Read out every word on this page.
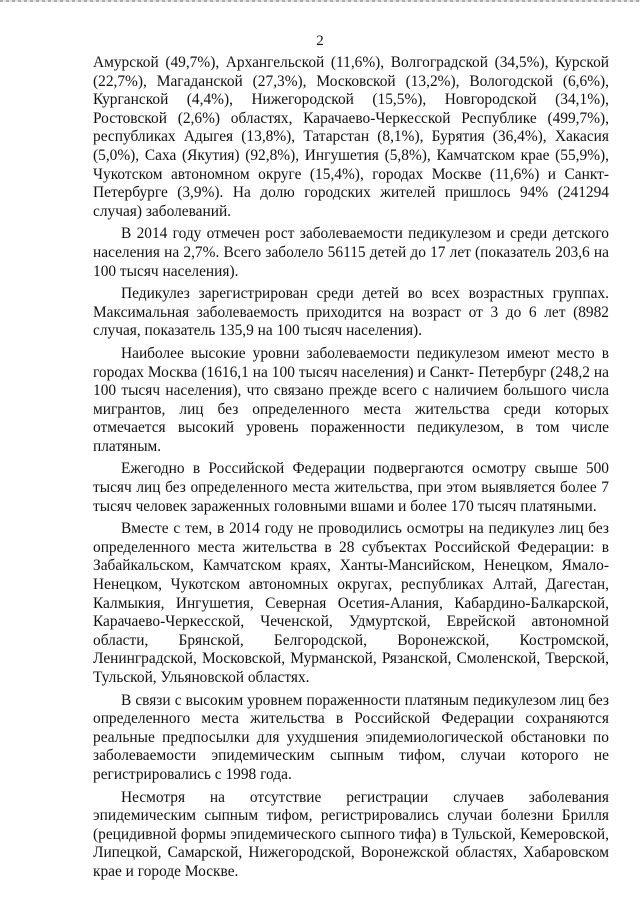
2

Амурской (49,7%), Архангельской (11,6%), Волгоградской (34,5%), Курской (22,7%), Магаданской (27,3%), Московской (13,2%), Вологодской (6,6%), Курганской (4,4%), Нижегородской (15,5%), Новгородской (34,1%), Ростовской (2,6%) областях, Карачаево-Черкесской Республике (499,7%), республиках Адыгея (13,8%), Татарстан (8,1%), Бурятия (36,4%), Хакасия (5,0%), Саха (Якутия) (92,8%), Ингушетия (5,8%), Камчатском крае (55,9%), Чукотском автономном округе (15,4%), городах Москве (11,6%) и Санкт-Петербурге (3,9%). На долю городских жителей пришлось 94% (241294 случая) заболеваний.

В 2014 году отмечен рост заболеваемости педикулезом и среди детского населения на 2,7%. Всего заболело 56115 детей до 17 лет (показатель 203,6 на 100 тысяч населения).

Педикулез зарегистрирован среди детей во всех возрастных группах. Максимальная заболеваемость приходится на возраст от 3 до 6 лет (8982 случая, показатель 135,9 на 100 тысяч населения).

Наиболее высокие уровни заболеваемости педикулезом имеют место в городах Москва (1616,1 на 100 тысяч населения) и Санкт- Петербург (248,2 на 100 тысяч населения), что связано прежде всего с наличием большого числа мигрантов, лиц без определенного места жительства среди которых отмечается высокий уровень пораженности педикулезом, в том числе платяным.

Ежегодно в Российской Федерации подвергаются осмотру свыше 500 тысяч лиц без определенного места жительства, при этом выявляется более 7 тысяч человек зараженных головными вшами и более 170 тысяч платяными.

Вместе с тем, в 2014 году не проводились осмотры на педикулез лиц без определенного места жительства в 28 субъектах Российской Федерации: в Забайкальском, Камчатском краях, Ханты-Мансийском, Ненецком, Ямало-Ненецком, Чукотском автономных округах, республиках Алтай, Дагестан, Калмыкия, Ингушетия, Северная Осетия-Алания, Кабардино-Балкарской, Карачаево-Черкесской, Чеченской, Удмуртской, Еврейской автономной области, Брянской, Белгородской, Воронежской, Костромской, Ленинградской, Московской, Мурманской, Рязанской, Смоленской, Тверской, Тульской, Ульяновской областях.

В связи с высоким уровнем пораженности платяным педикулезом лиц без определенного места жительства в Российской Федерации сохраняются реальные предпосылки для ухудшения эпидемиологической обстановки по заболеваемости эпидемическим сыпным тифом, случаи которого не регистрировались с 1998 года.

Несмотря на отсутствие регистрации случаев заболевания эпидемическим сыпным тифом, регистрировались случаи болезни Брилля (рецидивной формы эпидемического сыпного тифа) в Тульской, Кемеровской, Липецкой, Самарской, Нижегородской, Воронежской областях, Хабаровском крае и городе Москве.
